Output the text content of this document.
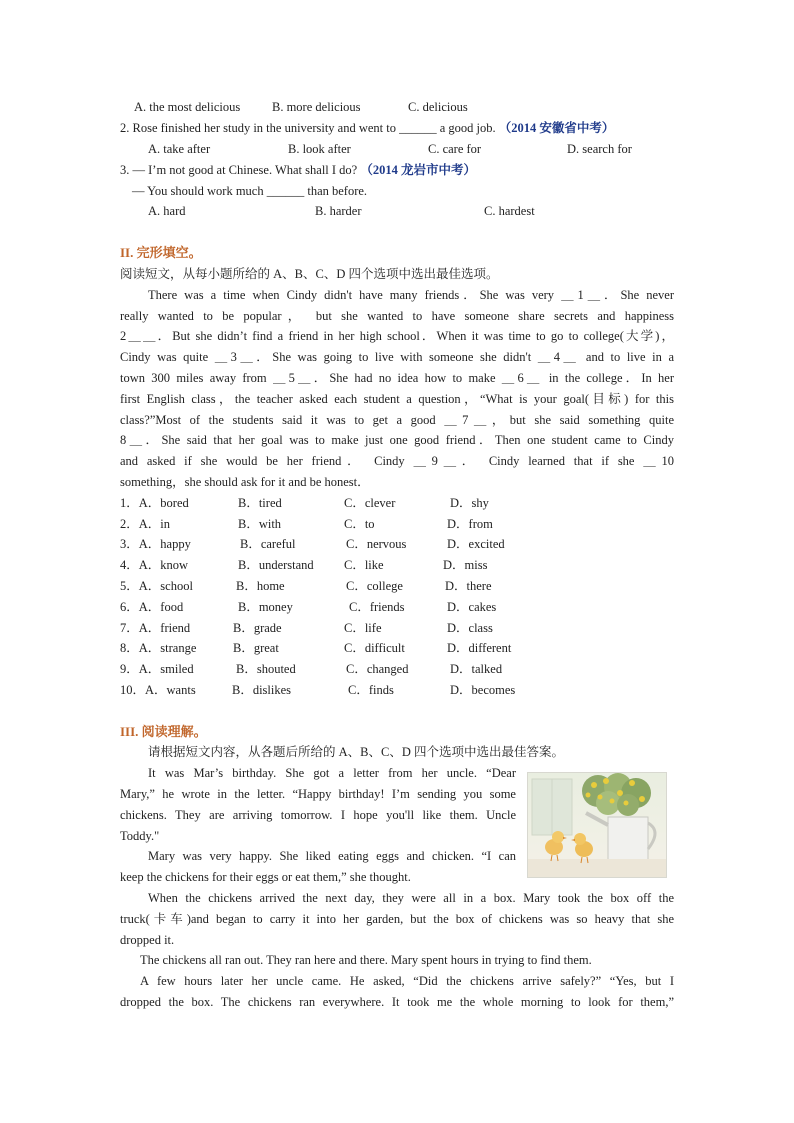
A. the most delicious	B. more delicious	C. delicious
2. Rose finished her study in the university and went to ______ a good job. （2014 安徽省中考）
A. take after	B. look after	C. care for	D. search for
3. — I’m not good at Chinese. What shall I do? （2014 龙岩市中考）
— You should work much ______ than before.
A. hard	B. harder	C. hardest
II. 完形填空。
阅读短文，从每小题所给的 A、B、C、D 四个选项中选出最佳选项。
There was a time when Cindy didn't have many friends．She was very ＿1＿．She never
really wanted to be popular， but she wanted to have someone share secrets and happiness
2＿＿．But she didn’t find a friend in her high school．When it was time to go to college(大学)，
Cindy was quite ＿3＿．She was going to live with someone she didn't ＿4＿ and to live in a
town 300 miles away from ＿5＿．She had no idea how to make ＿6＿ in the college．In her
first English class，the teacher asked each student a question，“What is your goal(目标) for this
class?”Most of the students said it was to get a good ＿7＿，but she said something quite
8＿．She said that her goal was to make just one good friend．Then one student came to Cindy
and asked if she would be her friend． Cindy ＿9＿． Cindy learned that if she ＿10
something，she should ask for it and be honest．
1．A．bored	B．tired	C．clever	D．shy
2．A．in	B．with	C．to	D．from
3．A．happy	B．careful	C．nervous	D．excited
4．A．know	B．understand C．like	D．miss
5．A．school	B．home	C．college	D．there
6．A．food	B．money	C．friends	D．cakes
7．A．friend	B．grade	C．life	D．class
8．A．strange	B．great	C．difficult	D．different
9．A．smiled	B．shouted	C．changed	D．talked
10．A．wants	B．dislikes	C．finds	D．becomes
III. 阅读理解。
请根据短文内容，从各题后所给的 A、B、C、D 四个选项中选出最佳答案。
It was Mar’s birthday. She got a letter from her uncle. “Dear
Mary,” he wrote in the letter. “Happy birthday! I’m sending you some
chickens. They are arriving tomorrow. I hope you'll like them. Uncle
Toddy."
Mary was very happy. She liked eating eggs and chicken. “I can
keep the chickens for their eggs or eat them,” she thought.
When the chickens arrived the next day, they were all in a box. Mary took the box off the
truck(卡车)and began to carry it into her garden, but the box of chickens was so heavy that she
dropped it.
The chickens all ran out. They ran here and there. Mary spent hours in trying to find them.
A few hours later her uncle came. He asked, “Did the chickens arrive safely?” “Yes, but I
dropped the box. The chickens ran everywhere. It took me the whole morning to look for them,”
